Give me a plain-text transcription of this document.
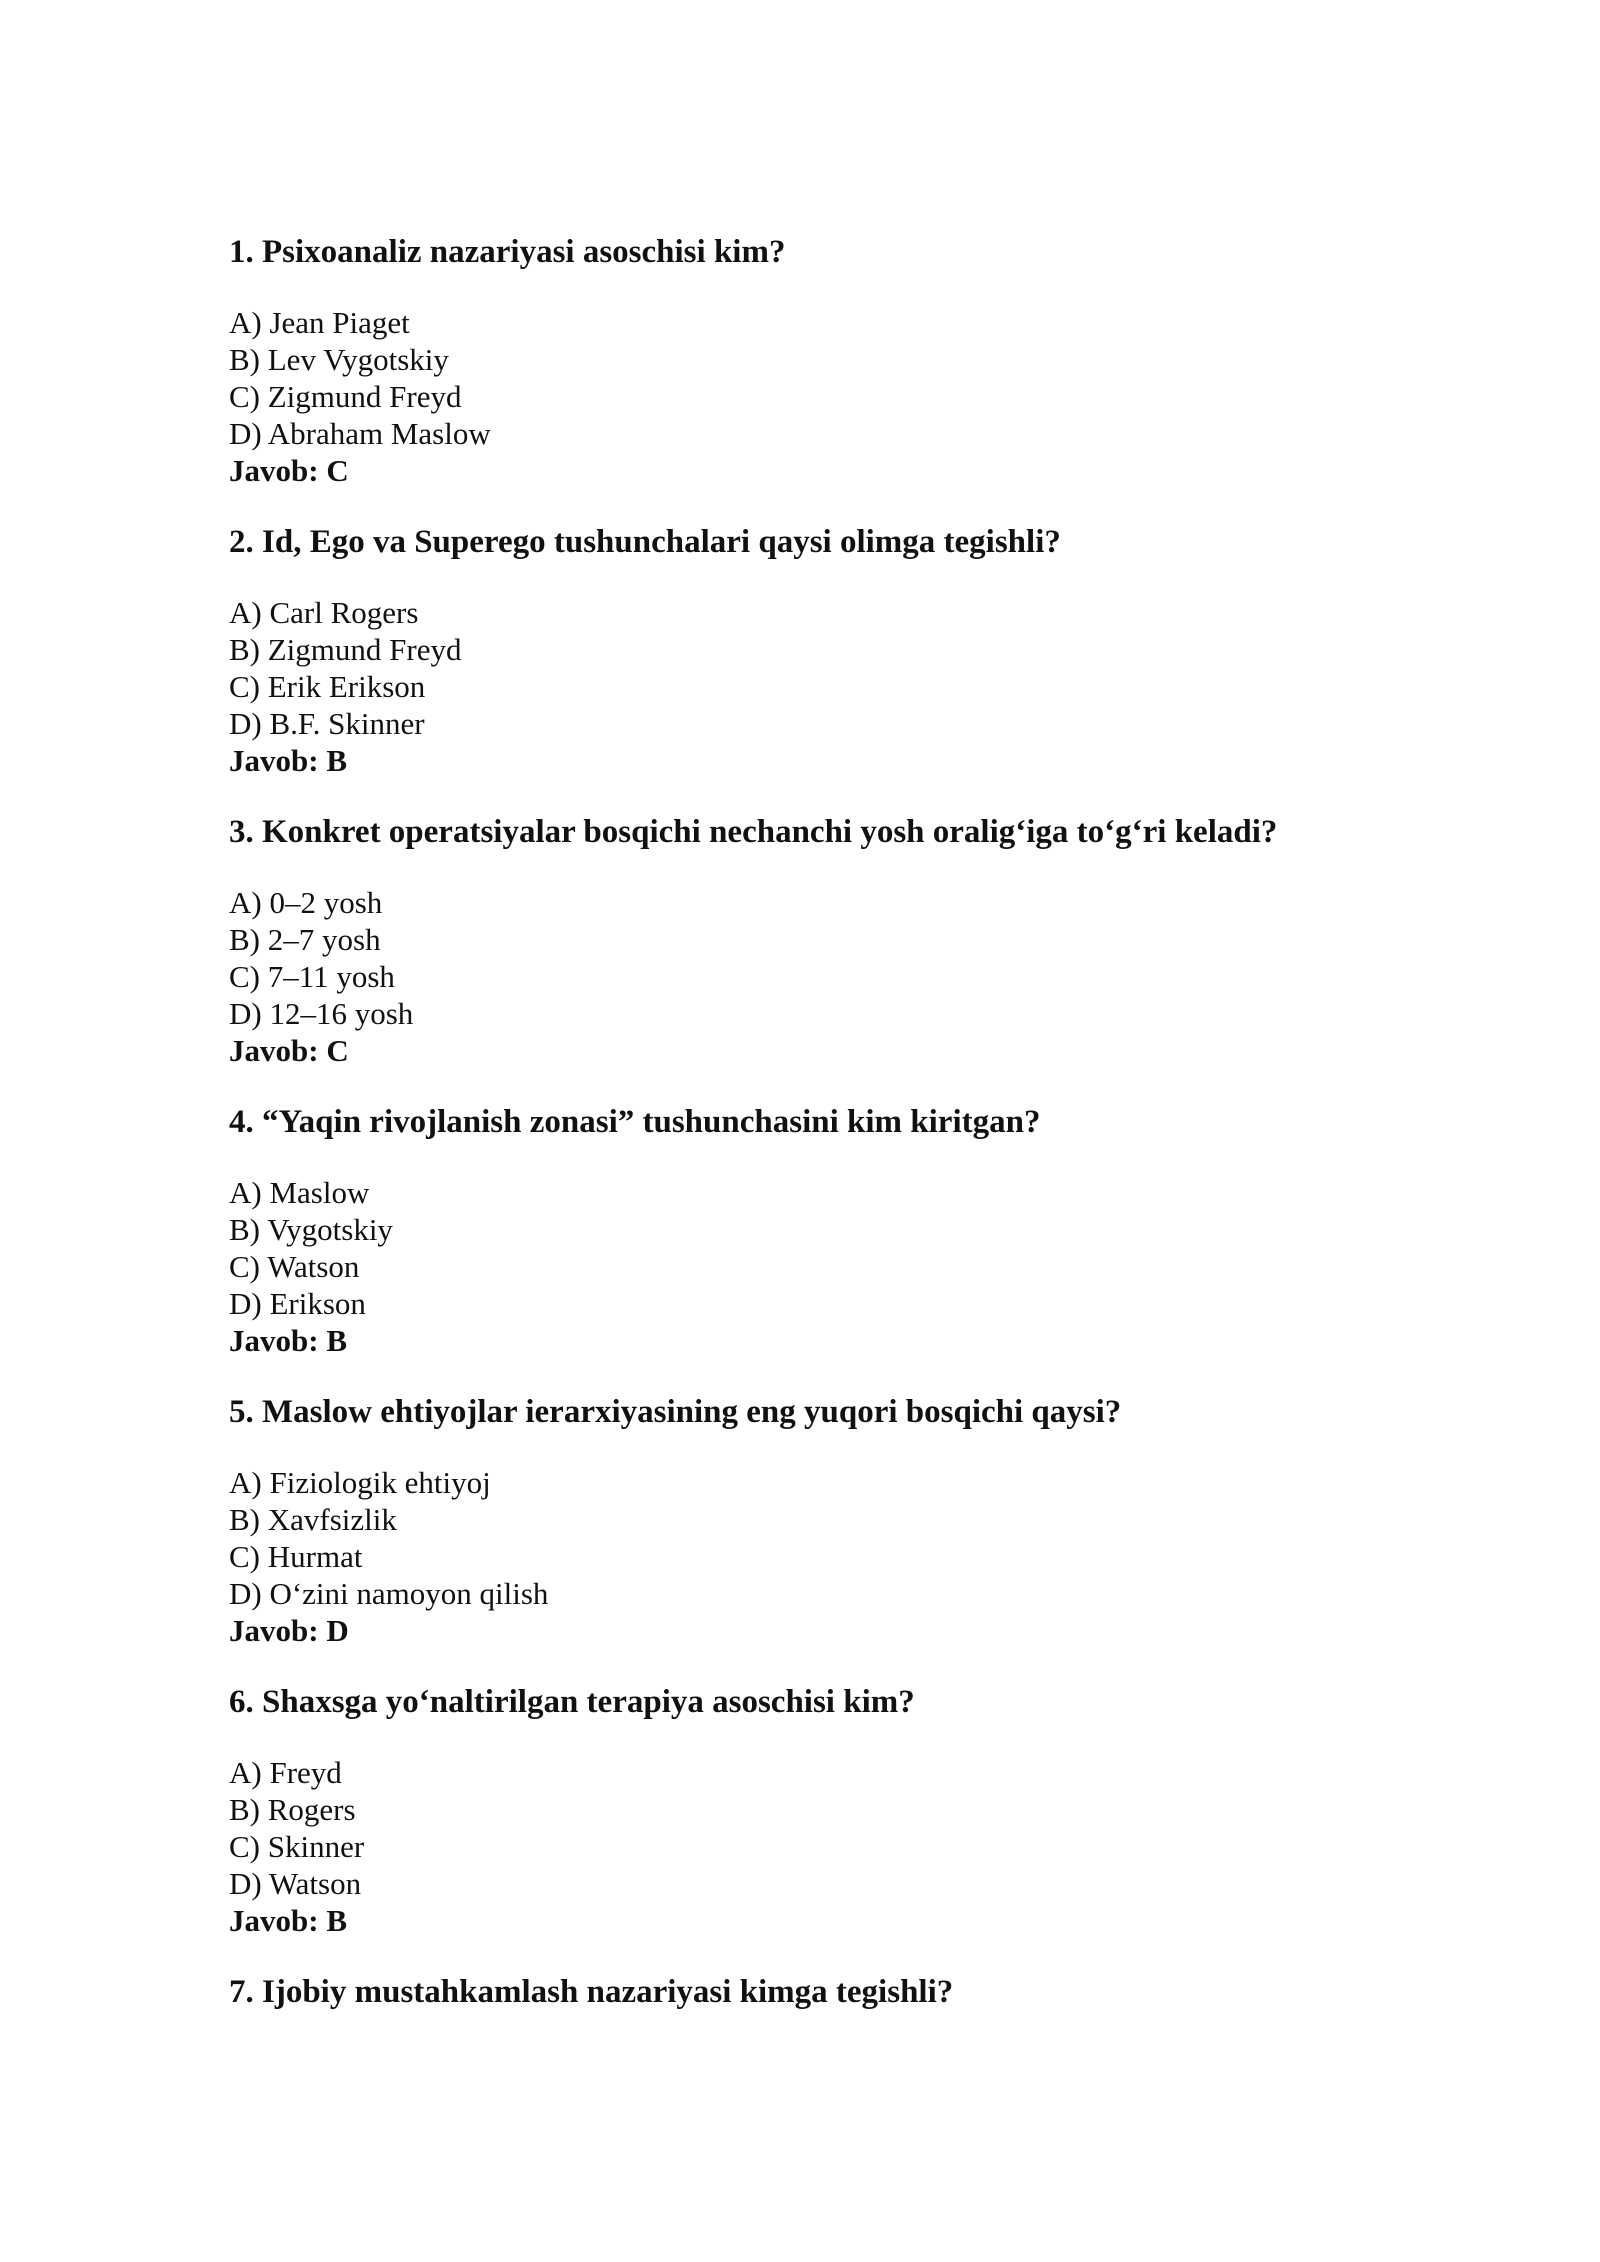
1. Psixoanaliz nazariyasi asoschisi kim?
A) Jean Piaget
B) Lev Vygotskiy
C) Zigmund Freyd
D) Abraham Maslow
Javob: C
2. Id, Ego va Superego tushunchalari qaysi olimga tegishli?
A) Carl Rogers
B) Zigmund Freyd
C) Erik Erikson
D) B.F. Skinner
Javob: B
3. Konkret operatsiyalar bosqichi nechanchi yosh oralig‘iga to‘g‘ri keladi?
A) 0–2 yosh
B) 2–7 yosh
C) 7–11 yosh
D) 12–16 yosh
Javob: C
4. “Yaqin rivojlanish zonasi” tushunchasini kim kiritgan?
A) Maslow
B) Vygotskiy
C) Watson
D) Erikson
Javob: B
5. Maslow ehtiyojlar ierarxiyasining eng yuqori bosqichi qaysi?
A) Fiziologik ehtiyoj
B) Xavfsizlik
C) Hurmat
D) O‘zini namoyon qilish
Javob: D
6. Shaxsga yo‘naltirilgan terapiya asoschisi kim?
A) Freyd
B) Rogers
C) Skinner
D) Watson
Javob: B
7. Ijobiy mustahkamlash nazariyasi kimga tegishli?
